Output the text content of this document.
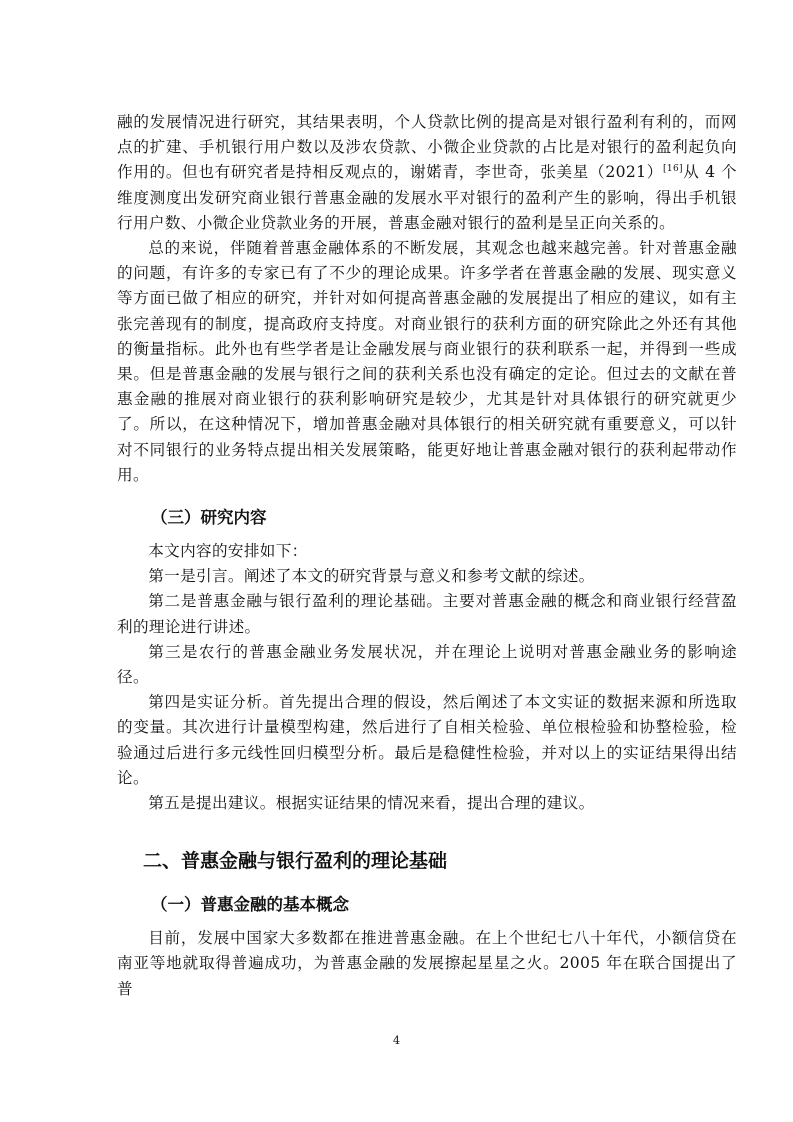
融的发展情况进行研究，其结果表明，个人贷款比例的提高是对银行盈利有利的，而网点的扩建、手机银行用户数以及涉农贷款、小微企业贷款的占比是对银行的盈利起负向作用的。但也有研究者是持相反观点的，谢婼青，李世奇，张美星（2021）[16]从 4 个维度测度出发研究商业银行普惠金融的发展水平对银行的盈利产生的影响，得出手机银行用户数、小微企业贷款业务的开展，普惠金融对银行的盈利是呈正向关系的。

总的来说，伴随着普惠金融体系的不断发展，其观念也越来越完善。针对普惠金融的问题，有许多的专家已有了不少的理论成果。许多学者在普惠金融的发展、现实意义等方面已做了相应的研究，并针对如何提高普惠金融的发展提出了相应的建议，如有主张完善现有的制度，提高政府支持度。对商业银行的获利方面的研究除此之外还有其他的衡量指标。此外也有些学者是让金融发展与商业银行的获利联系一起，并得到一些成果。但是普惠金融的发展与银行之间的获利关系也没有确定的定论。但过去的文献在普惠金融的推展对商业银行的获利影响研究是较少，尤其是针对具体银行的研究就更少了。所以，在这种情况下，增加普惠金融对具体银行的相关研究就有重要意义，可以针对不同银行的业务特点提出相关发展策略，能更好地让普惠金融对银行的获利起带动作用。

（三）研究内容

本文内容的安排如下：

第一是引言。阐述了本文的研究背景与意义和参考文献的综述。

第二是普惠金融与银行盈利的理论基础。主要对普惠金融的概念和商业银行经营盈利的理论进行讲述。

第三是农行的普惠金融业务发展状况，并在理论上说明对普惠金融业务的影响途径。

第四是实证分析。首先提出合理的假设，然后阐述了本文实证的数据来源和所选取的变量。其次进行计量模型构建，然后进行了自相关检验、单位根检验和协整检验，检验通过后进行多元线性回归模型分析。最后是稳健性检验，并对以上的实证结果得出结论。

第五是提出建议。根据实证结果的情况来看，提出合理的建议。

二、普惠金融与银行盈利的理论基础
（一）普惠金融的基本概念

目前，发展中国家大多数都在推进普惠金融。在上个世纪七八十年代，小额信贷在南亚等地就取得普遍成功，为普惠金融的发展擦起星星之火。2005 年在联合国提出了普

4
